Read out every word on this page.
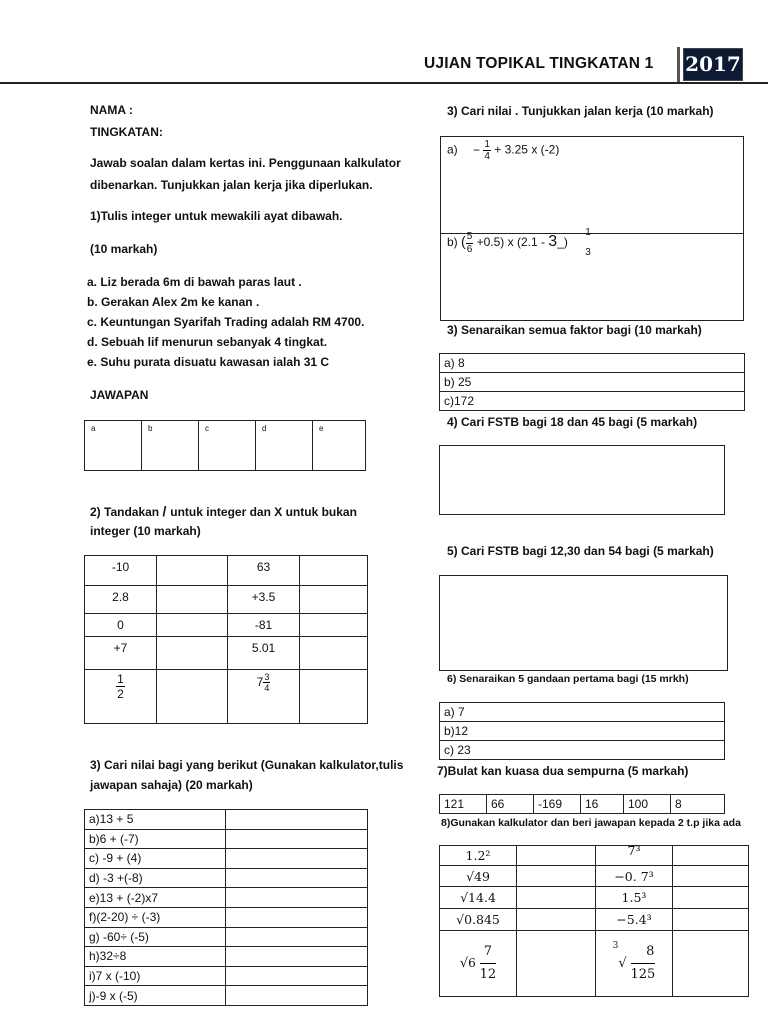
UJIAN TOPIKAL TINGKATAN 1 2017
NAMA :
TINGKATAN:
Jawab soalan dalam kertas ini. Penggunaan kalkulator
dibenarkan. Tunjukkan jalan kerja jika diperlukan.
1)Tulis integer untuk mewakili ayat dibawah.
(10 markah)
a. Liz berada 6m di bawah paras laut .
b. Gerakan Alex 2m ke kanan .
c. Keuntungan Syarifah Trading adalah RM 4700.
d. Sebuah lif menurun sebanyak 4 tingkat.
e. Suhu purata disuatu kawasan ialah 31 C
JAWAPAN
a	b	c	d	e
2) Tandakan / untuk integer dan X untuk bukan
integer (10 markah)
-10		63	
2.8		+3.5	
0		-81	
+7		5.01	

$\frac{1}{2}$		$7 \frac{3}{4}$

3) Cari nilai bagi yang berikut (Gunakan kalkulator,tulis
jawapan sahaja) (20 markah)
a)13 + 5	
b)6 + (-7)	
c) -9 + (4)	
d) -3 +(-8)	
e)13 + (-2)x7	
f)(2-20) ÷ (-3)	
g) -60÷ (-5)	
h)32÷8	
i)7 x (-10)	
j)-9 x (-5)	
3) Cari nilai . Tunjukkan jalan kerja (10 markah)
$a) - \frac{1}{4} + 3.25$ x (-2)
b) ( $\frac{5}{6} +0.5$) x (2.1 - 3_)
1
3
3) Senaraikan semua faktor bagi (10 markah)
a) 8
b) 25
c)172
4) Cari FSTB bagi 18 dan 45 bagi (5 markah)
5) Cari FSTB bagi 12,30 dan 54 bagi (5 markah)
6) Senaraikan 5 gandaan pertama bagi (15 mrkh)
a) 7
b)12
c) 23
7)Bulat kan kuasa dua sempurna (5 markah)
121	66	-169	16	100	8
8)Gunakan kalkulator dan beri jawapan kepada 2 t.p jika ada
1.2²		7³	
√49		−0. 7³	
√14.4		1.5³	
√0.845		−5.4³	
$√6 \frac{7}{12}$		$^3√ \frac{8}{125}$
